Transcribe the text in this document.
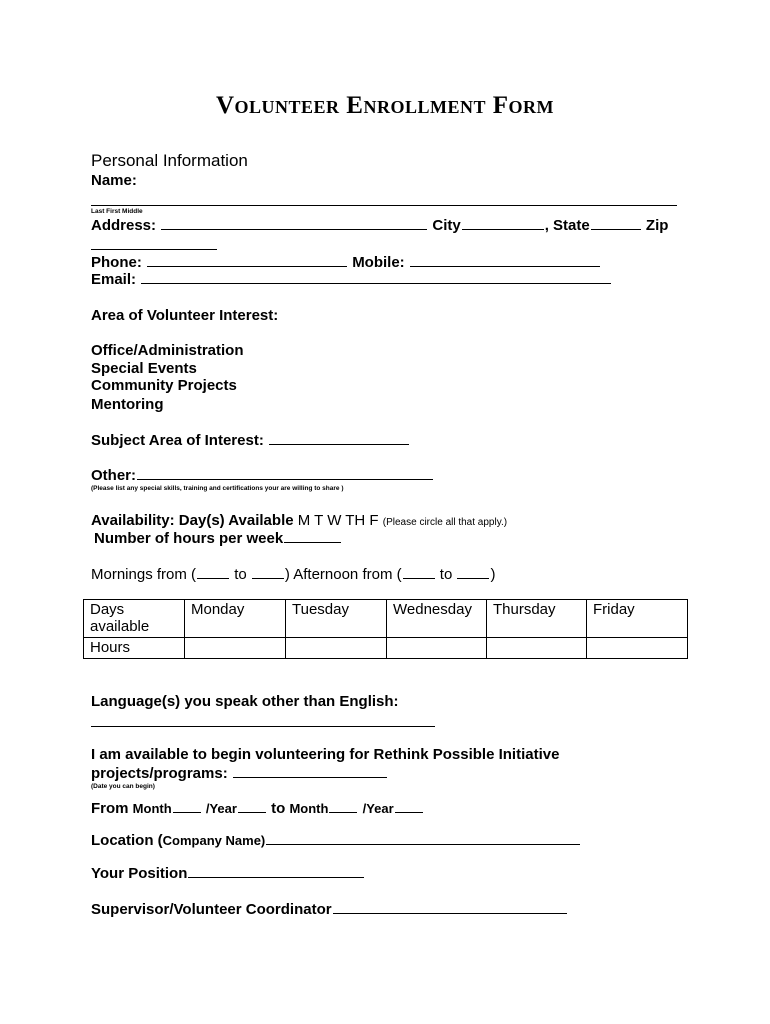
Volunteer Enrollment Form
Personal Information
Name:
Last First Middle
Address:	City	, State	Zip
Phone:	Mobile:
Email:
Area of Volunteer Interest:
Office/Administration
Special Events
Community Projects
Mentoring
Subject Area of Interest:
Other:
(Please list any special skills, training and certifications your are willing to share )
Availability: Day(s) Available M T W TH F (Please circle all that apply.)
Number of hours per week
Mornings from (	to	) Afternoon from (	to	)
Days available	Monday	Tuesday	Wednesday	Thursday	Friday
Hours					
Language(s) you speak other than English:
I am available to begin volunteering for Rethink Possible Initiative
projects/programs:
(Date you can begin)
From Month	/Year to Month	/Year
Location (Company Name)
Your Position
Supervisor/Volunteer Coordinator
